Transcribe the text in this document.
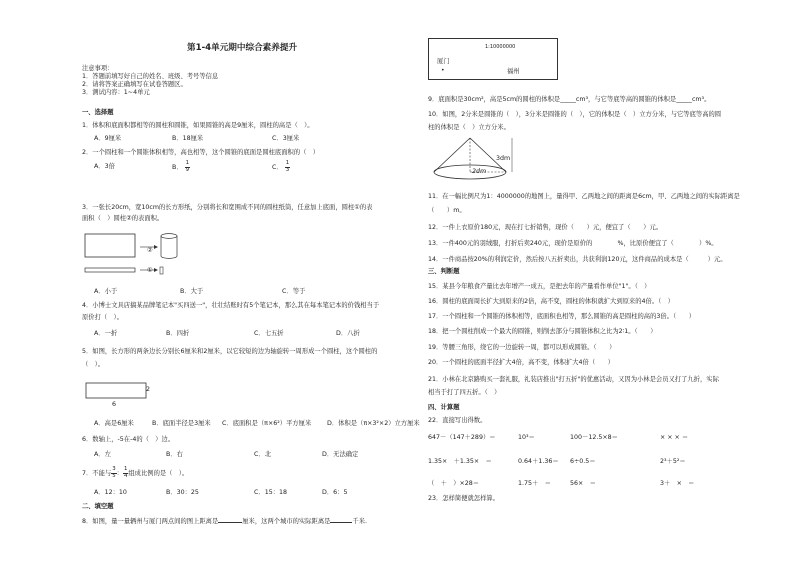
第1-4单元期中综合素养提升
注意事项：
1．答题前填写好自己的姓名、班级、考号等信息
2．请将答案正确填写在试卷答题区。
3．测试内容：1~4单元
一、选择题
1．体积和底面积都相等的圆柱和圆锥，如果圆锥的高是9厘米，圆柱的高是（　）。
A．9厘米	B．18厘米	C．3厘米
2．一个圆柱和一个圆锥体积相等，高也相等，这个圆锥的底面是圆柱底面积的（　）
A．3倍	B． $\frac{1}{9}$	C． $\frac{1}{3}$
3．一张长20cm，宽10cm的长方形纸，分别将长和宽围成不同的圆柱纸筒，任意加上底面，圆柱①的表
面积（　）圆柱②的表面积。
②
①
A．小于	B．大于	C．等于
4．小博士文具店搞某品牌笔记本"买四送一"，壮壮结账时有5个笔记本，那么其在每本笔记本的价钱相当于
原价打（　）。
A．一折	B．四折	C．七五折	D．八折
5．如图，长方形的两条边长分别长6厘米和2厘米，以它较短的边为轴旋转一周形成一个圆柱，这个圆柱的
（　）。
2
6
A．高是6厘米	B．底面半径是3厘米 C．底面积是（π×6²）平方厘米 D．体积是（π×3²×2）立方厘米
6．数轴上，-5在-4的（　）边。
A．左	B．右	C．北	D．无法确定
7．不能与 $\frac{3}{5}$ ： $\frac{1}{4}$ 组成比例的是（　）。
A．12：10	B．30：25	C．15：18	D．6：5
二、填空题
8．如图，量一量辆州与厦门两点间的图上距离是	厘米，这两个城市的实际距离是	千米.
1:10000000
厦门
•	福州
9．底面积是30cm²，高是5cm的圆柱的体积是_____cm³，与它等底等高的圆锥的体积是_____cm³。
10．如图，2分米是圆锥的（　），3分米是圆锥的（　），它的体积是（　）立方分米，与它等底等高的圆
柱的体积是（　）立方分米。
3dm
2dm
11．在一幅比例尺为1：4000000的地图上，量得甲、乙两地之间的距离是6cm，甲、乙两地之间的实际距离是
（　　）m。
12．一件上衣原价180元，现在打七折销售，现价（　　）元，便宜了（　　）元。
13．一件400元的羽绒服，打折后卖240元，现价是原价的　　　　%，比原价便宜了（　　　　）%。
14．一件商品按20%的利润定价，然后按八五折卖出，共获利润120元，这件商品的成本是（　　　）元。
三、判断题
15．某县今年粮食产量比去年增产一成五，是把去年的产量看作单位"1"。（　）
16．圆柱的底面周长扩大到原来的2倍，高不变，圆柱的体积就扩大到原来的4倍。（　）
17．一个圆柱和一个圆锥的体积相等，底面积也相等，那么圆锥的高是圆柱的高的3倍。（　　）
18．把一个圆柱削成一个最大的圆锥，则削去部分与圆锥体积之比为2∶1。（　　）
19．等腰三角形，绕它的一边旋转一周，都可以形成圆锥。（　　）
20．一个圆柱的底面半径扩大4倍，高不变，体积扩大4倍（　　）
21．小林在北京路购买一套礼服，礼装店推出"打五折"的优惠活动，又因为小林是会员又打了九折，实际
相当于打了四五折。（　）
四、计算题
22．直接写出得数。
647－（147＋289）＝	10³＝	100－12.5×8＝	× × × ＝
1.35×　＋1.35×　＝	0.64＋1.36＝ 6÷0.5＝	2³＋5²＝
（　＋　）×28＝	1.75＋　＝	56×　＝	3＋　×　＝
23．怎样简便就怎样算。
